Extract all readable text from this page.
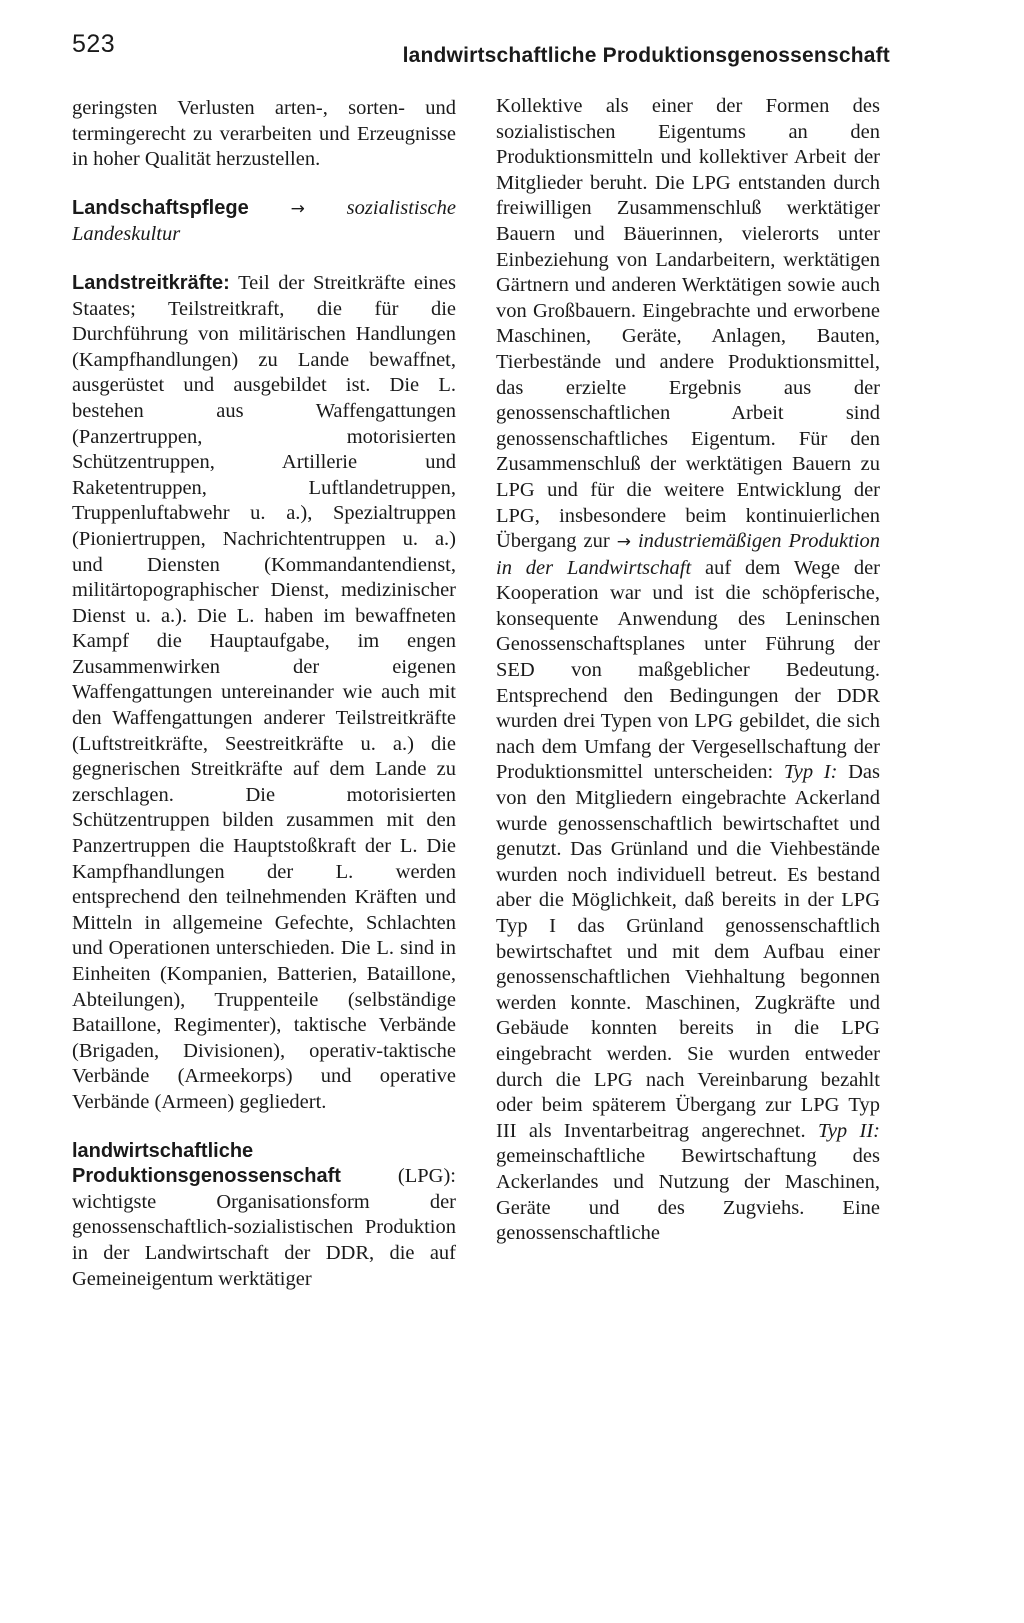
523	landwirtschaftliche Produktionsgenossenschaft

geringsten Verlusten arten-, sorten- und termingerecht zu verarbeiten und Erzeugnisse in hoher Qualität herzustellen.

Landschaftspflege → sozialistische Landeskultur

Landstreitkräfte: Teil der Streitkräfte eines Staates; Teilstreitkraft, die für die Durchführung von militärischen Handlungen (Kampfhandlungen) zu Lande bewaffnet, ausgerüstet und ausgebildet ist. Die L. bestehen aus Waffengattungen (Panzertruppen, motorisierten Schützentruppen, Artillerie und Raketentruppen, Luftlandetruppen, Truppenluftabwehr u. a.), Spezialtruppen (Pioniertruppen, Nachrichtentruppen u. a.) und Diensten (Kommandantendienst, militärtopographischer Dienst, medizinischer Dienst u. a.). Die L. haben im bewaffneten Kampf die Hauptaufgabe, im engen Zusammenwirken der eigenen Waffengattungen untereinander wie auch mit den Waffengattungen anderer Teilstreitkräfte (Luftstreitkräfte, Seestreitkräfte u. a.) die gegnerischen Streitkräfte auf dem Lande zu zerschlagen. Die motorisierten Schützentruppen bilden zusammen mit den Panzertruppen die Hauptstoßkraft der L. Die Kampfhandlungen der L. werden entsprechend den teilnehmenden Kräften und Mitteln in allgemeine Gefechte, Schlachten und Operationen unterschieden. Die L. sind in Einheiten (Kompanien, Batterien, Bataillone, Abteilungen), Truppenteile (selbständige Bataillone, Regimenter), taktische Verbände (Brigaden, Divisionen), operativ-taktische Verbände (Armeekorps) und operative Verbände (Armeen) gegliedert.

landwirtschaftliche Produktionsgenossenschaft	(LPG): wichtigste Organisationsform der genossenschaftlich-sozialistischen Produktion in der Landwirtschaft der DDR, die auf Gemeineigentum werktätiger

Kollektive als einer der Formen des sozialistischen Eigentums an den Produktionsmitteln und kollektiver Arbeit der Mitglieder beruht. Die LPG entstanden durch freiwilligen Zusammenschluß werktätiger Bauern und Bäuerinnen, vielerorts unter Einbeziehung von Landarbeitern, werktätigen Gärtnern und anderen Werktätigen sowie auch von Großbauern. Eingebrachte und erworbene Maschinen, Geräte, Anlagen, Bauten, Tierbestände und andere Produktionsmittel, das erzielte Ergebnis aus der genossenschaftlichen Arbeit sind genossenschaftliches Eigentum. Für den Zusammenschluß der werktätigen Bauern zu LPG und für die weitere Entwicklung der LPG, insbesondere beim kontinuierlichen Übergang zur → industriemäßigen Produktion in der Landwirtschaft auf dem Wege der Kooperation war und ist die schöpferische, konsequente Anwendung des Leninschen Genossenschaftsplanes unter Führung der SED von maßgeblicher Bedeutung. Entsprechend den Bedingungen der DDR wurden drei Typen von LPG gebildet, die sich nach dem Umfang der Vergesellschaftung der Produktionsmittel unterscheiden: Typ I: Das von den Mitgliedern eingebrachte Ackerland wurde genossenschaftlich bewirtschaftet und genutzt. Das Grünland und die Viehbestände wurden noch individuell betreut. Es bestand aber die Möglichkeit, daß bereits in der LPG Typ I das Grünland genossenschaftlich bewirtschaftet und mit dem Aufbau einer genossenschaftlichen Viehhaltung begonnen werden konnte. Maschinen, Zugkräfte und Gebäude konnten bereits in die LPG eingebracht werden. Sie wurden entweder durch die LPG nach Vereinbarung bezahlt oder beim späterem Übergang zur LPG Typ III als Inventarbeitrag angerechnet. Typ II: gemeinschaftliche Bewirtschaftung des Ackerlandes und Nutzung der Maschinen, Geräte und des Zugviehs. Eine genossenschaftliche
